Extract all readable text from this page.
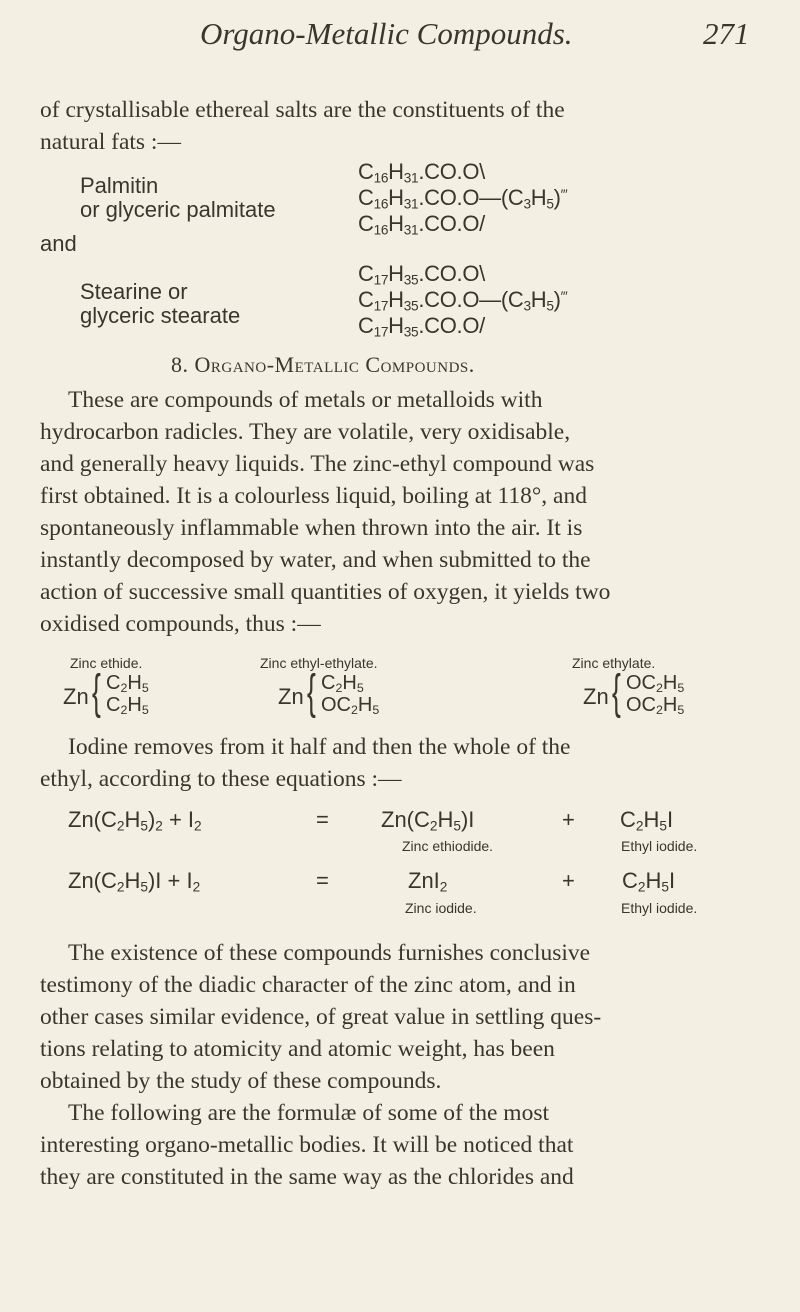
Organo-Metallic Compounds.	271
of crystallisable ethereal salts are the constituents of the
natural fats :—
Palmitin
or glyceric palmitate
$C_{16}H_{31}.CO.O\backslash$
$C_{16}H_{31}.CO.O—(C_3H_5)'''$
$C_{16}H_{31}.CO.O/$
and
Stearine or
glyceric stearate
$C_{17}H_{35}.CO.O\backslash$
$C_{17}H_{35}.CO.O—(C_3H_5)'''$
$C_{17}H_{35}.CO.O/$
8. Organo-Metallic Compounds.
These are compounds of metals or metalloids with
hydrocarbon radicles. They are volatile, very oxidisable,
and generally heavy liquids. The zinc-ethyl compound was
first obtained. It is a colourless liquid, boiling at 118°, and
spontaneously inflammable when thrown into the air. It is
instantly decomposed by water, and when submitted to the
action of successive small quantities of oxygen, it yields two
oxidised compounds, thus :—
Zinc ethide.	Zinc ethyl-ethylate.	Zinc ethylate.
Zn { $C_2H_5$
$C_2H_5$
Zn { $C_2H_5$
$OC_2H_5$
Zn { $OC_2H_5$
$OC_2H_5$
Iodine removes from it half and then the whole of the
ethyl, according to these equations :—
$Zn(C_2H_5)_2 + I_2$	= $Zn(C_2H_5)I$	+ $C_2H_5I$
Zinc ethiodide.	Ethyl iodide.
$Zn(C_2H_5)I + I_2$	=	ZnI$_2$	+ $C_2H_5I$
Zinc iodide.	Ethyl iodide.
The existence of these compounds furnishes conclusive
testimony of the diadic character of the zinc atom, and in
other cases similar evidence, of great value in settling ques-
tions relating to atomicity and atomic weight, has been
obtained by the study of these compounds.
The following are the formulæ of some of the most
interesting organo-metallic bodies. It will be noticed that
they are constituted in the same way as the chlorides and
